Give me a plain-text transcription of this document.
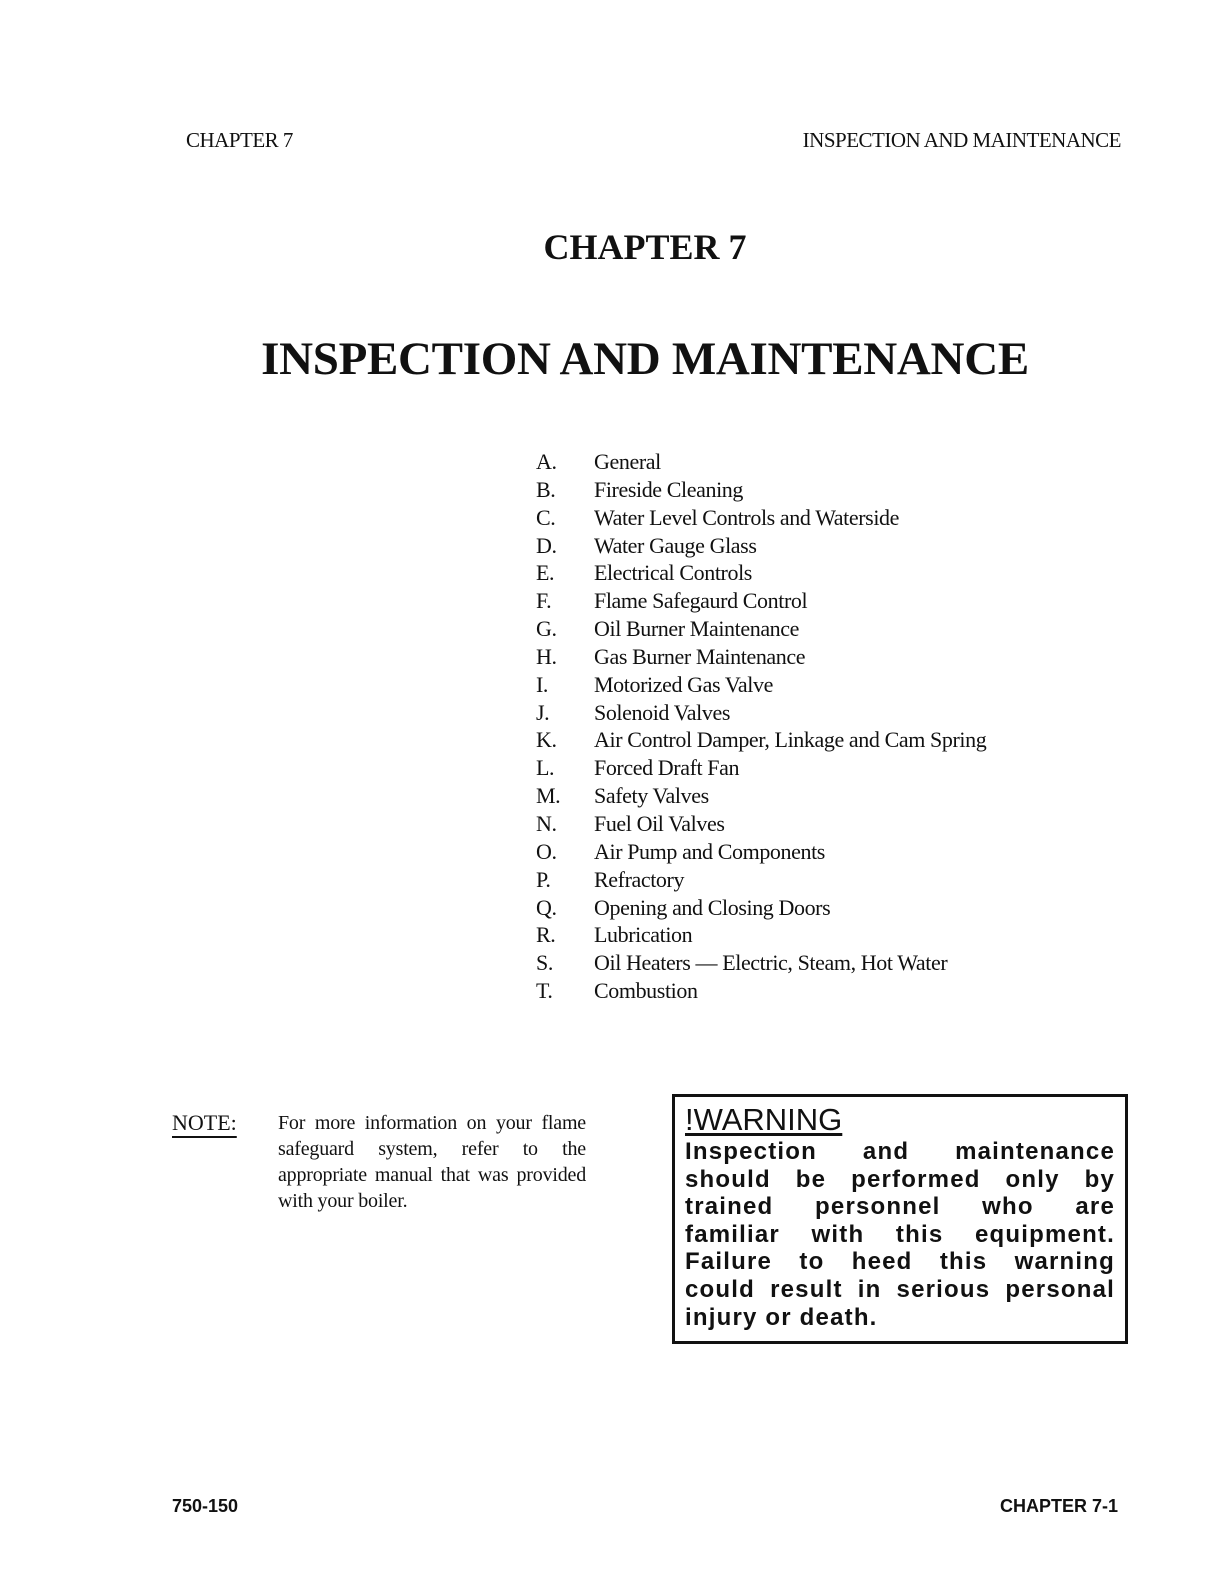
CHAPTER 7	INSPECTION AND MAINTENANCE
CHAPTER 7
INSPECTION AND MAINTENANCE
A. General
B. Fireside Cleaning
C. Water Level Controls and Waterside
D. Water Gauge Glass
E. Electrical Controls
F. Flame Safegaurd Control
G. Oil Burner Maintenance
H. Gas Burner Maintenance
I. Motorized Gas Valve
J. Solenoid Valves
K. Air Control Damper, Linkage and Cam Spring
L. Forced Draft Fan
M. Safety Valves
N. Fuel Oil Valves
O. Air Pump and Components
P. Refractory
Q. Opening and Closing Doors
R. Lubrication
S. Oil Heaters — Electric, Steam, Hot Water
T. Combustion
NOTE: For more information on your flame safeguard system, refer to the appropriate manual that was provided with your boiler.
!WARNING
Inspection and maintenance should be performed only by trained personnel who are familiar with this equipment. Failure to heed this warning could result in serious personal injury or death.
750-150	CHAPTER 7-1
